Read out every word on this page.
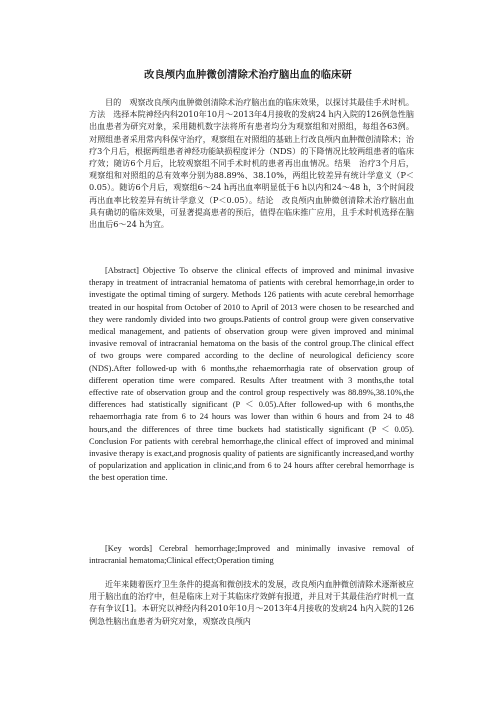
改良颅内血肿微创清除术治疗脑出血的临床研
目的　观察改良颅内血肿微创清除术治疗脑出血的临床效果，以探讨其最佳手术时机。方法　选择本院神经内科2010年10月～2013年4月接收的发病24 h内入院的126例急性脑出血患者为研究对象，采用随机数字法将所有患者均分为观察组和对照组，每组各63例。对照组患者采用常内科保守治疗，观察组在对照组的基础上行改良颅内血肿微创清除术；治疗3个月后，根据两组患者神经功能缺损程度评分（NDS）的下降情况比较两组患者的临床疗效；随访6个月后，比较观察组不同手术时机的患者再出血情况。结果　治疗3个月后，观察组和对照组的总有效率分别为88.89%、38.10%，两组比较差异有统计学意义（P＜0.05）。随访6个月后，观察组6～24 h再出血率明显低于6 h以内和24～48 h，3个时间段再出血率比较差异有统计学意义（P＜0.05）。结论　改良颅内血肿微创清除术治疗脑出血具有确切的临床效果，可显著提高患者的预后，值得在临床推广应用，且手术时机选择在脑出血后6～24 h为宜。
[Abstract] Objective To observe the clinical effects of improved and minimal invasive therapy in treatment of intracranial hematoma of patients with cerebral hemorrhage,in order to investigate the optimal timing of surgery. Methods 126 patients with acute cerebral hemorrhage treated in our hospital from October of 2010 to April of 2013 were chosen to be researched and they were randomly divided into two groups.Patients of control group were given conservative medical management, and patients of observation group were given improved and minimal invasive removal of intracranial hematoma on the basis of the control group.The clinical effect of two groups were compared according to the decline of neurological deficiency score (NDS).After followed-up with 6 months,the rehaemorrhagia rate of observation group of different operation time were compared. Results After treatment with 3 months,the total effective rate of observation group and the control group respectively was 88.89%,38.10%,the differences had statistically significant (P ＜ 0.05).After followed-up with 6 months,the rehaemorrhagia rate from 6 to 24 hours was lower than within 6 hours and from 24 to 48 hours,and the differences of three time buckets had statistically significant (P ＜ 0.05). Conclusion For patients with cerebral hemorrhage,the clinical effect of improved and minimal invasive therapy is exact,and prognosis quality of patients are significantly increased,and worthy of popularization and application in clinic,and from 6 to 24 hours affter cerebral hemorrhage is the best operation time.
[Key words] Cerebral hemorrhage;Improved and minimally invasive removal of intracranial hematoma;Clinical effect;Operation timing
近年来随着医疗卫生条件的提高和微创技术的发展，改良颅内血肿微创清除术逐渐被应用于脑出血的治疗中，但是临床上对于其临床疗效鲜有报道，并且对于其最佳治疗时机一直存有争议[1]。本研究以神经内科2010年10月～2013年4月接收的发病24 h内入院的126例急性脑出血患者为研究对象，观察改良颅内
